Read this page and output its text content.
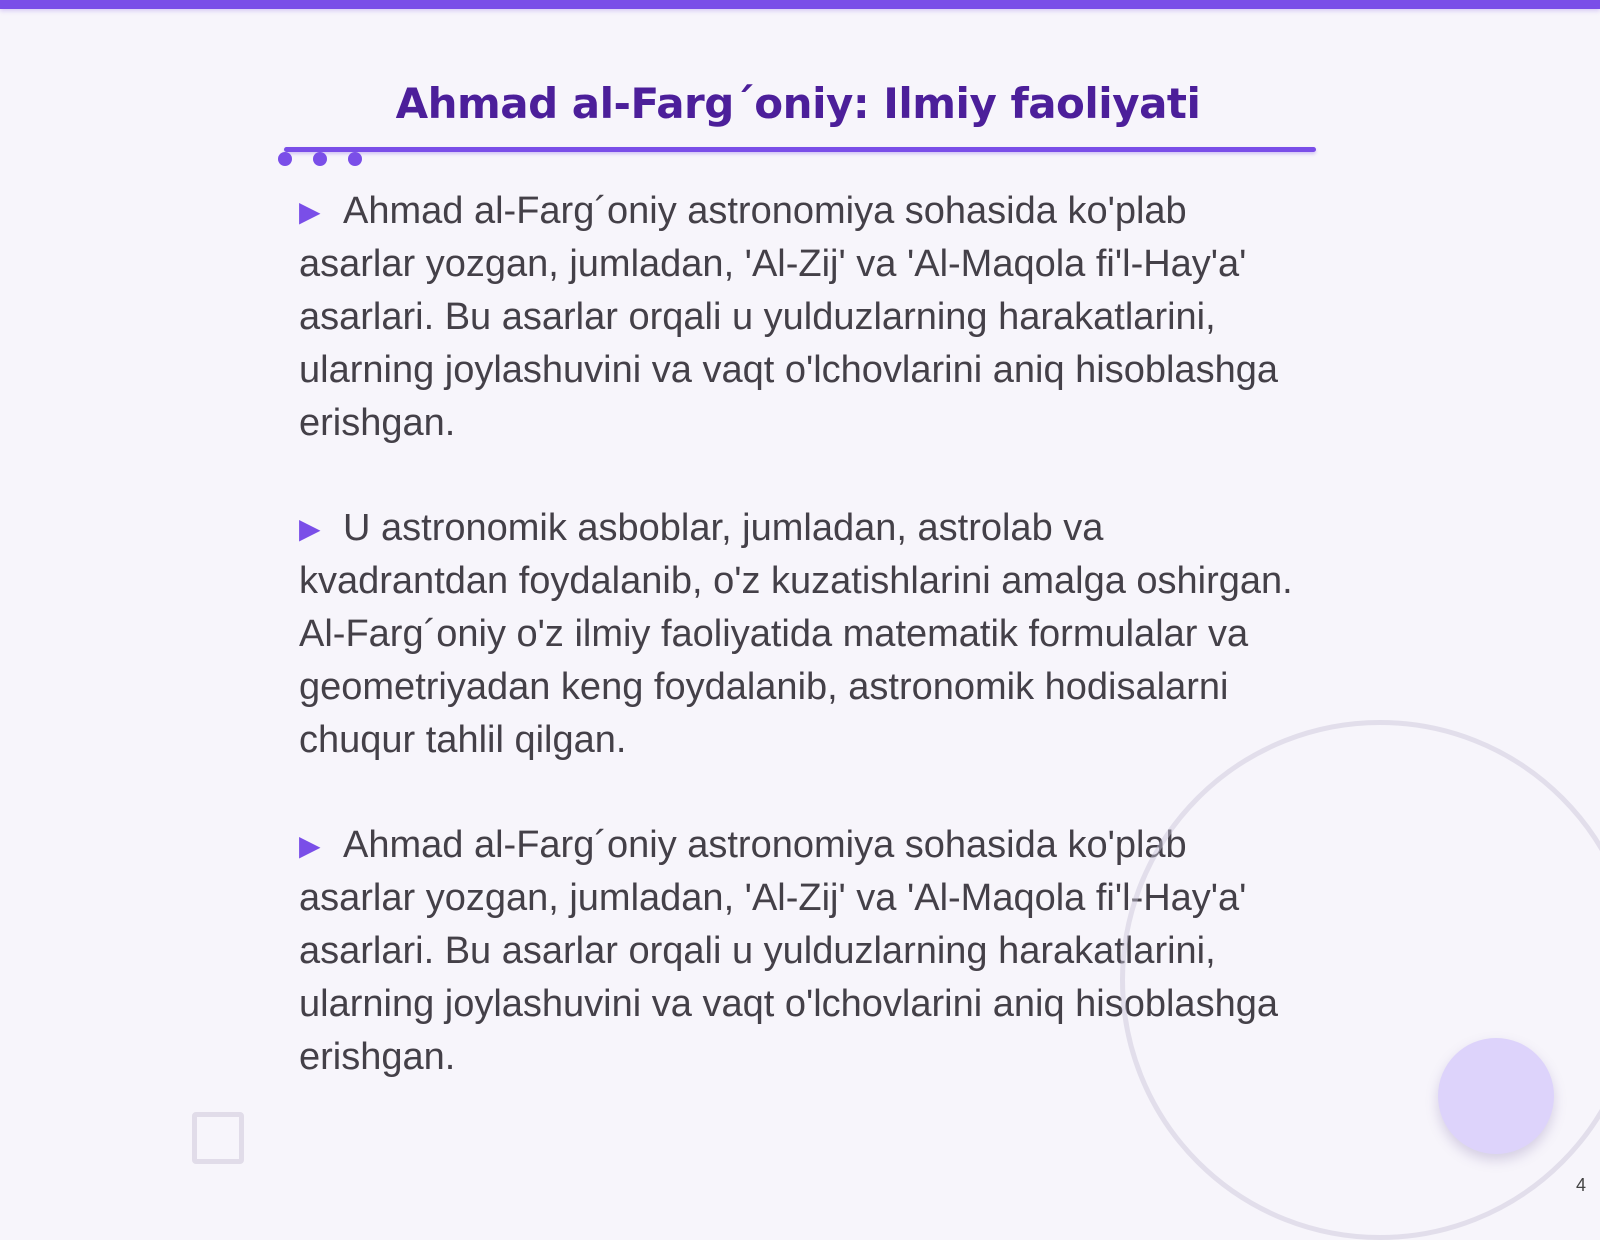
Ahmad al-Farg´oniy: Ilmiy faoliyati

▶ Ahmad al-Farg´oniy astronomiya sohasida ko'plab asarlar yozgan, jumladan, 'Al-Zij' va 'Al-Maqola fi'l-Hay'a' asarlari. Bu asarlar orqali u yulduzlarning harakatlarini, ularning joylashuvini va vaqt o'lchovlarini aniq hisoblashga erishgan.

▶ U astronomik asboblar, jumladan, astrolab va kvadrantdan foydalanib, o'z kuzatishlarini amalga oshirgan. Al-Farg´oniy o'z ilmiy faoliyatida matematik formulalar va geometriyadan keng foydalanib, astronomik hodisalarni chuqur tahlil qilgan.

▶ Ahmad al-Farg´oniy astronomiya sohasida ko'plab asarlar yozgan, jumladan, 'Al-Zij' va 'Al-Maqola fi'l-Hay'a' asarlari. Bu asarlar orqali u yulduzlarning harakatlarini, ularning joylashuvini va vaqt o'lchovlarini aniq hisoblashga erishgan.

4
